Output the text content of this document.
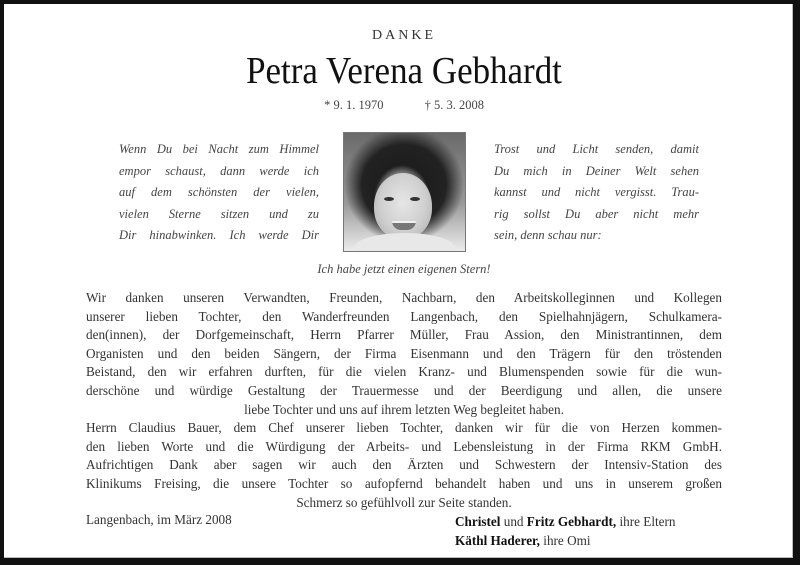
DANKE
Petra Verena Gebhardt
* 9. 1. 1970	† 5. 3. 2008
Wenn Du bei Nacht zum Himmel
empor schaust, dann werde ich
auf dem schönsten der vielen,
vielen Sterne sitzen und zu
Dir hinabwinken. Ich werde Dir
Trost und Licht senden, damit
Du mich in Deiner Welt sehen
kannst und nicht vergisst. Trau-
rig sollst Du aber nicht mehr
sein, denn schau nur:
Ich habe jetzt einen eigenen Stern!
Wir danken unseren Verwandten, Freunden, Nachbarn, den Arbeitskolleginnen und Kollegen
unserer lieben Tochter, den Wanderfreunden Langenbach, den Spielhahnjägern, Schulkamera-
den(innen), der Dorfgemeinschaft, Herrn Pfarrer Müller, Frau Assion, den Ministrantinnen, dem
Organisten und den beiden Sängern, der Firma Eisenmann und den Trägern für den tröstenden
Beistand, den wir erfahren durften, für die vielen Kranz- und Blumenspenden sowie für die wun-
derschöne und würdige Gestaltung der Trauermesse und der Beerdigung und allen, die unsere
liebe Tochter und uns auf ihrem letzten Weg begleitet haben.
Herrn Claudius Bauer, dem Chef unserer lieben Tochter, danken wir für die von Herzen kommen-
den lieben Worte und die Würdigung der Arbeits- und Lebensleistung in der Firma RKM GmbH.
Aufrichtigen Dank aber sagen wir auch den Ärzten und Schwestern der Intensiv-Station des
Klinikums Freising, die unsere Tochter so aufopfernd behandelt haben und uns in unserem großen
Schmerz so gefühlvoll zur Seite standen.
Langenbach, im März 2008	Christel und Fritz Gebhardt, ihre Eltern
Käthl Haderer, ihre Omi
